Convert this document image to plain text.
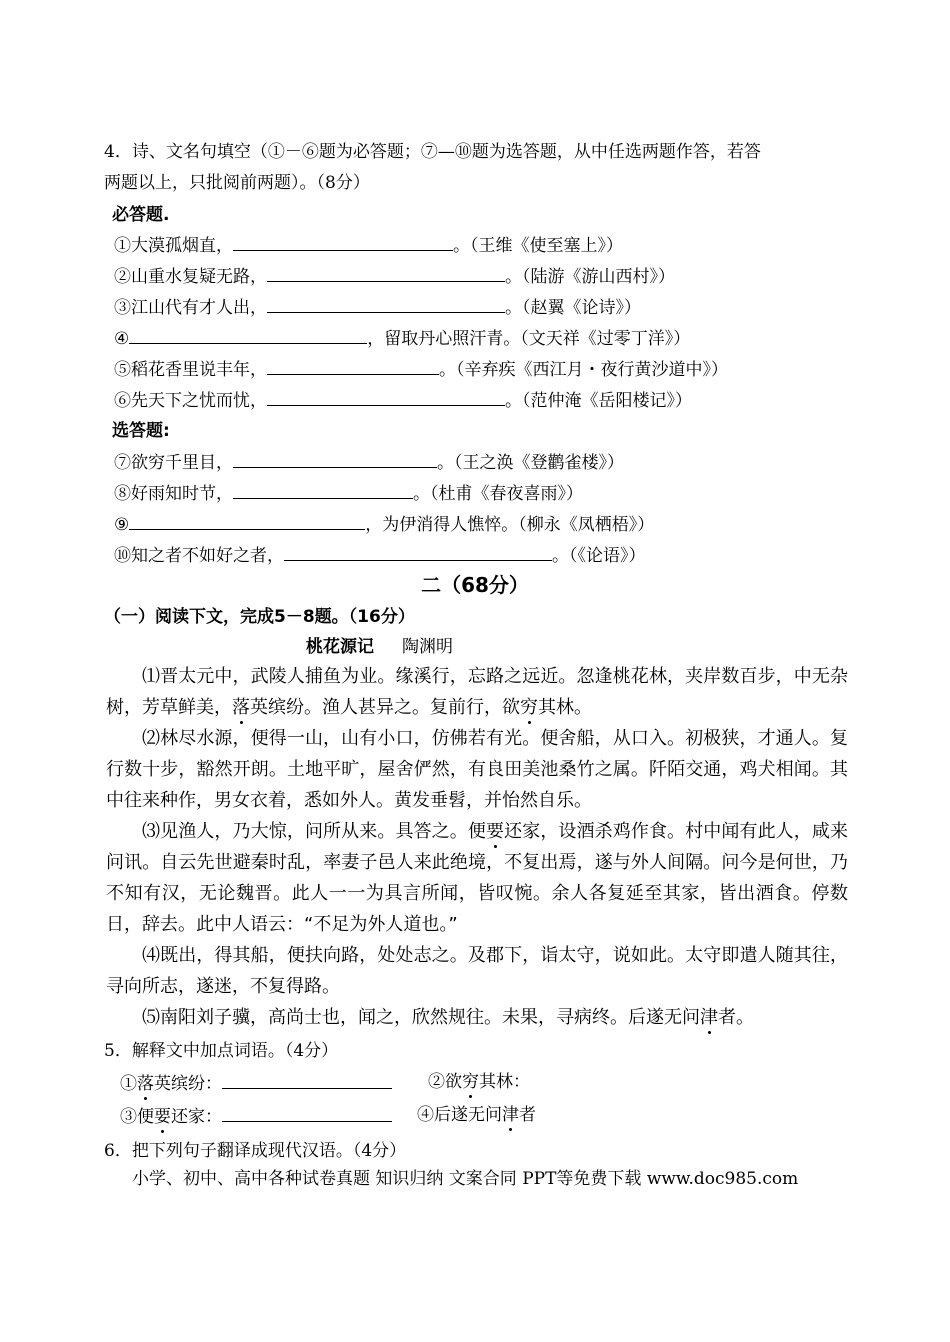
4．诗、文名句填空（①－⑥题为必答题；⑦—⑩题为选答题，从中任选两题作答，若答
两题以上，只批阅前两题）。（8分）
必答题.
①大漠孤烟直，	。（王维《使至塞上》）
②山重水复疑无路，	。（陆游《游山西村》）
③江山代有才人出，	。（赵翼《论诗》）
④	，留取丹心照汗青。（文天祥《过零丁洋》）
⑤稻花香里说丰年，	。（辛弃疾《西江月・夜行黄沙道中》）
⑥先天下之忧而忧，	。（范仲淹《岳阳楼记》）
选答题:
⑦欲穷千里目，	。（王之涣《登鹳雀楼》）
⑧好雨知时节，	。（杜甫《春夜喜雨》）
⑨	，为伊消得人憔悴。（柳永《凤栖梧》）
⑩知之者不如好之者，	。（《论语》）
二（68分）
（一）阅读下文，完成5－8题。（16分）
桃花源记 陶渊明
⑴晋太元中，武陵人捕鱼为业。缘溪行，忘路之远近。忽逢桃花林，夹岸数百步，中无杂树，芳草鲜美，落英缤纷。渔人甚异之。复前行，欲穷其林。
⑵林尽水源，便得一山，山有小口，仿佛若有光。便舍船，从口入。初极狭，才通人。复行数十步，豁然开朗。土地平旷，屋舍俨然，有良田美池桑竹之属。阡陌交通，鸡犬相闻。其中往来种作，男女衣着，悉如外人。黄发垂髫，并怡然自乐。
⑶见渔人，乃大惊，问所从来。具答之。便要还家，设酒杀鸡作食。村中闻有此人，咸来问讯。自云先世避秦时乱，率妻子邑人来此绝境，不复出焉，遂与外人间隔。问今是何世，乃不知有汉，无论魏晋。此人一一为具言所闻，皆叹惋。余人各复延至其家，皆出酒食。停数日，辞去。此中人语云：“不足为外人道也。”
⑷既出，得其船，便扶向路，处处志之。及郡下，诣太守，说如此。太守即遣人随其往，寻向所志，遂迷，不复得路。
⑸南阳刘子骥，高尚士也，闻之，欣然规往。未果，寻病终。后遂无问津者。
5．解释文中加点词语。（4分）
①落英缤纷：	②欲穷其林：
③便要还家：	④后遂无问津者
6．把下列句子翻译成现代汉语。（4分）
小学、初中、高中各种试卷真题 知识归纳 文案合同 PPT等免费下载 www.doc985.com
